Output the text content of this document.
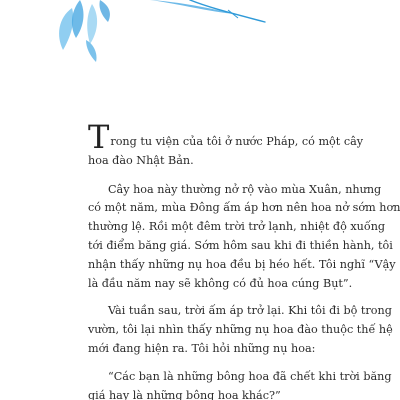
Trong tu viện của tôi ở nước Pháp, có một cây
hoa đào Nhật Bản.

Cây hoa này thường nở rộ vào mùa Xuân, nhưng
có một năm, mùa Đông ấm áp hơn nên hoa nở sớm hơn
thường lệ. Rồi một đêm trời trở lạnh, nhiệt độ xuống
tới điểm băng giá. Sớm hôm sau khi đi thiền hành, tôi
nhận thấy những nụ hoa đều bị héo hết. Tôi nghĩ “Vậy
là đầu năm nay sẽ không có đủ hoa cúng Bụt”.

Vài tuần sau, trời ấm áp trở lại. Khi tôi đi bộ trong
vườn, tôi lại nhìn thấy những nụ hoa đào thuộc thế hệ
mới đang hiện ra. Tôi hỏi những nụ hoa:

“Các bạn là những bông hoa đã chết khi trời băng
giá hay là những bông hoa khác?”
